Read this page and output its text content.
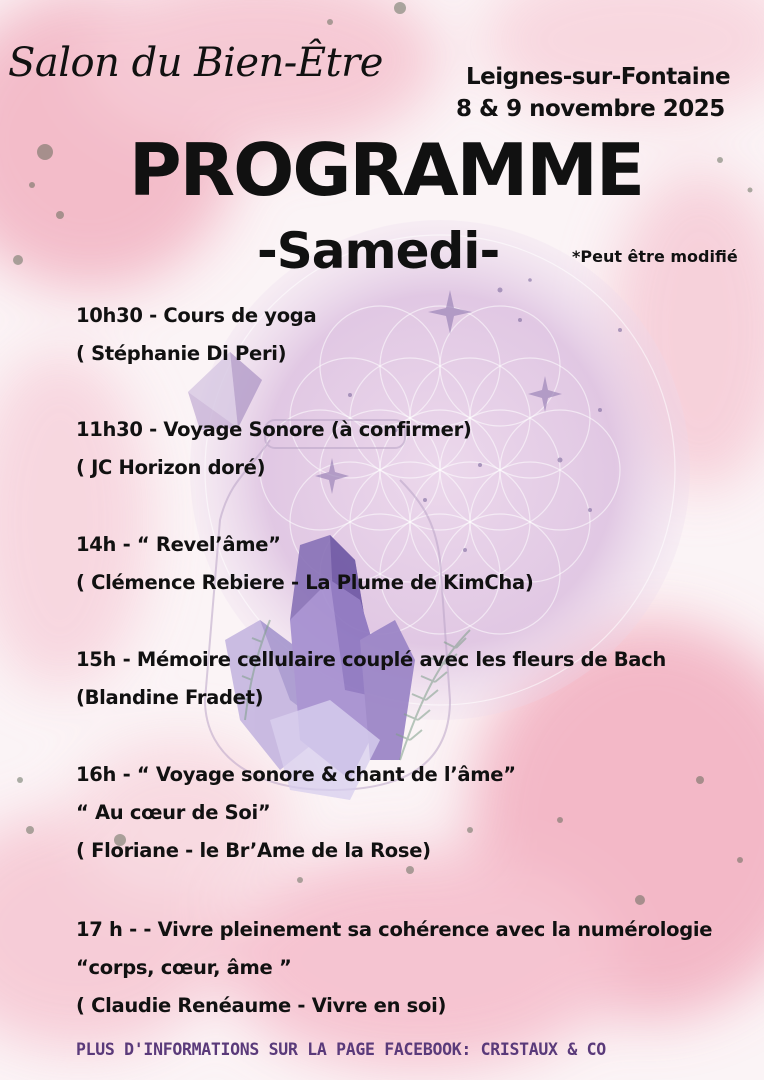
Salon du Bien-Être	Leignes-sur-Fontaine
8 & 9 novembre 2025
PROGRAMME
-Samedi-	*Peut être modifié
10h30 - Cours de yoga
( Stéphanie Di Peri)
11h30 - Voyage Sonore (à confirmer)
( JC Horizon doré)
14h - “ Revel’âme”
( Clémence Rebiere - La Plume de KimCha)
15h - Mémoire cellulaire couplé avec les fleurs de Bach
(Blandine Fradet)
16h - “ Voyage sonore & chant de l’âme”
“ Au cœur de Soi”
( Floriane - le Br’Ame de la Rose)
17 h - - Vivre pleinement sa cohérence avec la numérologie
“corps, cœur, âme ”
( Claudie Renéaume - Vivre en soi)
PLUS D'INFORMATIONS SUR LA PAGE FACEBOOK: CRISTAUX & CO
